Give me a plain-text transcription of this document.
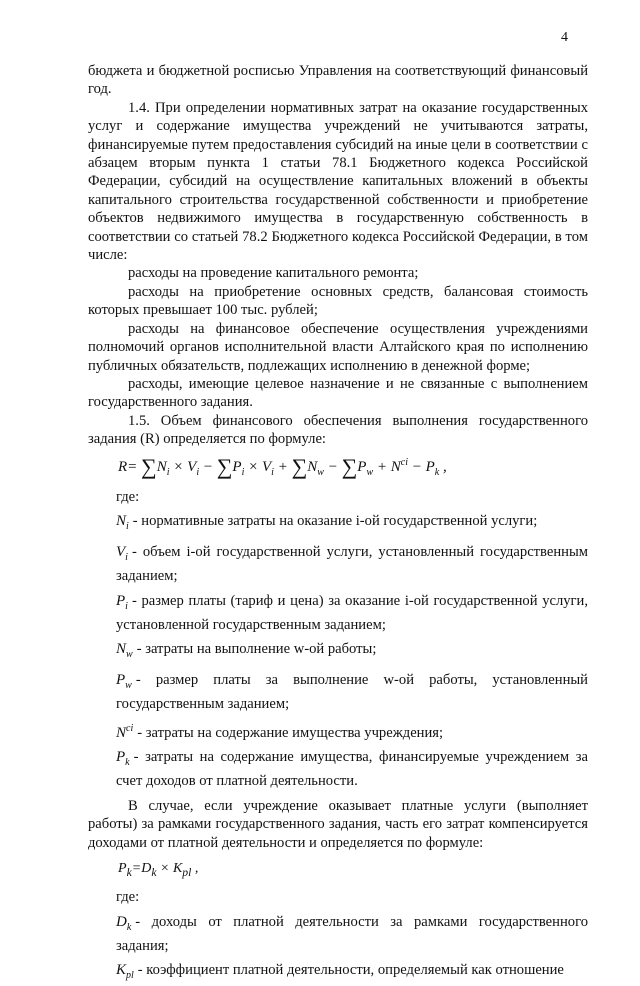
4

бюджета и бюджетной росписью Управления на соответствующий финансовый год.

1.4. При определении нормативных затрат на оказание государственных услуг и содержание имущества учреждений не учитываются затраты, финансируемые путем предоставления субсидий на иные цели в соответствии с абзацем вторым пункта 1 статьи 78.1 Бюджетного кодекса Российской Федерации, субсидий на осуществление капитальных вложений в объекты капитального строительства государственной собственности и приобретение объектов недвижимого имущества в государственную собственность в соответствии со статьей 78.2 Бюджетного кодекса Российской Федерации, в том числе:

расходы на проведение капитального ремонта;

расходы на приобретение основных средств, балансовая стоимость которых превышает 100 тыс. рублей;

расходы на финансовое обеспечение осуществления учреждениями полномочий органов исполнительной власти Алтайского края по исполнению публичных обязательств, подлежащих исполнению в денежной форме;

расходы, имеющие целевое назначение и не связанные с выполнением государственного задания.

1.5. Объем финансового обеспечения выполнения государственного задания (R) определяется по формуле:

$R= \sum N_i \times V_i - \sum P_i \times V_i + \sum N_w - \sum P_w + N^{ci} - P_k$ ,

где:

$N_i$ - нормативные затраты на оказание i-ой государственной услуги;

$V_i$ - объем i-ой государственной услуги, установленный государственным заданием;

$P_i$ - размер платы (тариф и цена) за оказание i-ой государственной услуги, установленной государственным заданием;

$N_w$ - затраты на выполнение w-ой работы;

$P_w$ - размер платы за выполнение w-ой работы, установленный государственным заданием;

$N^{ci}$ - затраты на содержание имущества учреждения;

$P_k$ - затраты на содержание имущества, финансируемые учреждением за счет доходов от платной деятельности.

В случае, если учреждение оказывает платные услуги (выполняет работы) за рамками государственного задания, часть его затрат компенсируется доходами от платной деятельности и определяется по формуле:

$P_k=D_k \times K_{pl}$ ,

где:

$D_k$ - доходы от платной деятельности за рамками государственного задания;

$K_{pl}$ - коэффициент платной деятельности, определяемый как отношение
